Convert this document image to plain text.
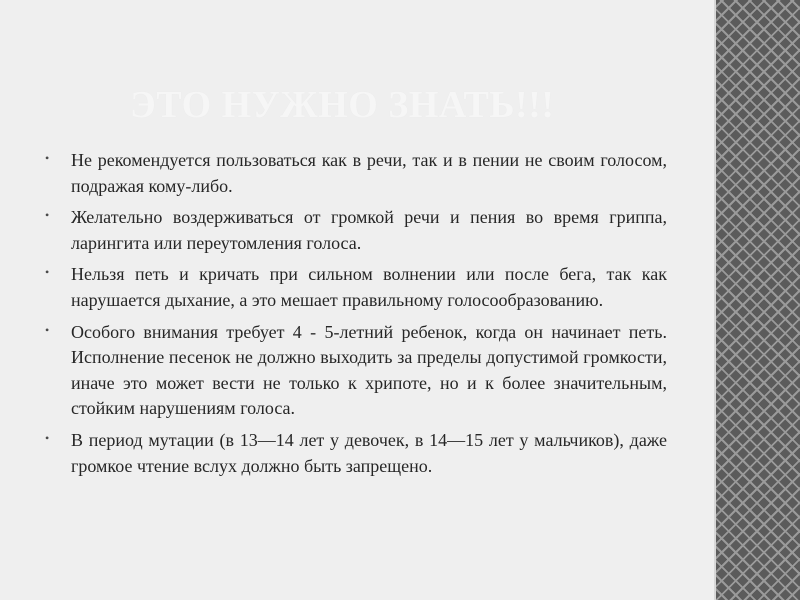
ЭТО НУЖНО ЗНАТЬ!!!
• Не рекомендуется пользоваться как в речи, так и в пении не своим голосом, подражая кому-либо.
• Желательно воздерживаться от громкой речи и пения во время гриппа, ларингита или переутомления голоса.
• Нельзя петь и кричать при сильном волнении или после бега, так как нарушается дыхание, а это мешает правильному голосообразованию.
• Особого внимания требует 4 - 5-летний ребенок, когда он начинает петь. Исполнение песенок не должно выходить за пределы допустимой громкости, иначе это может вести не только к хрипоте, но и к более значительным, стойким нарушениям голоса.
• В период мутации (в 13—14 лет у девочек, в 14—15 лет у мальчиков), даже громкое чтение вслух должно быть запрещено.
